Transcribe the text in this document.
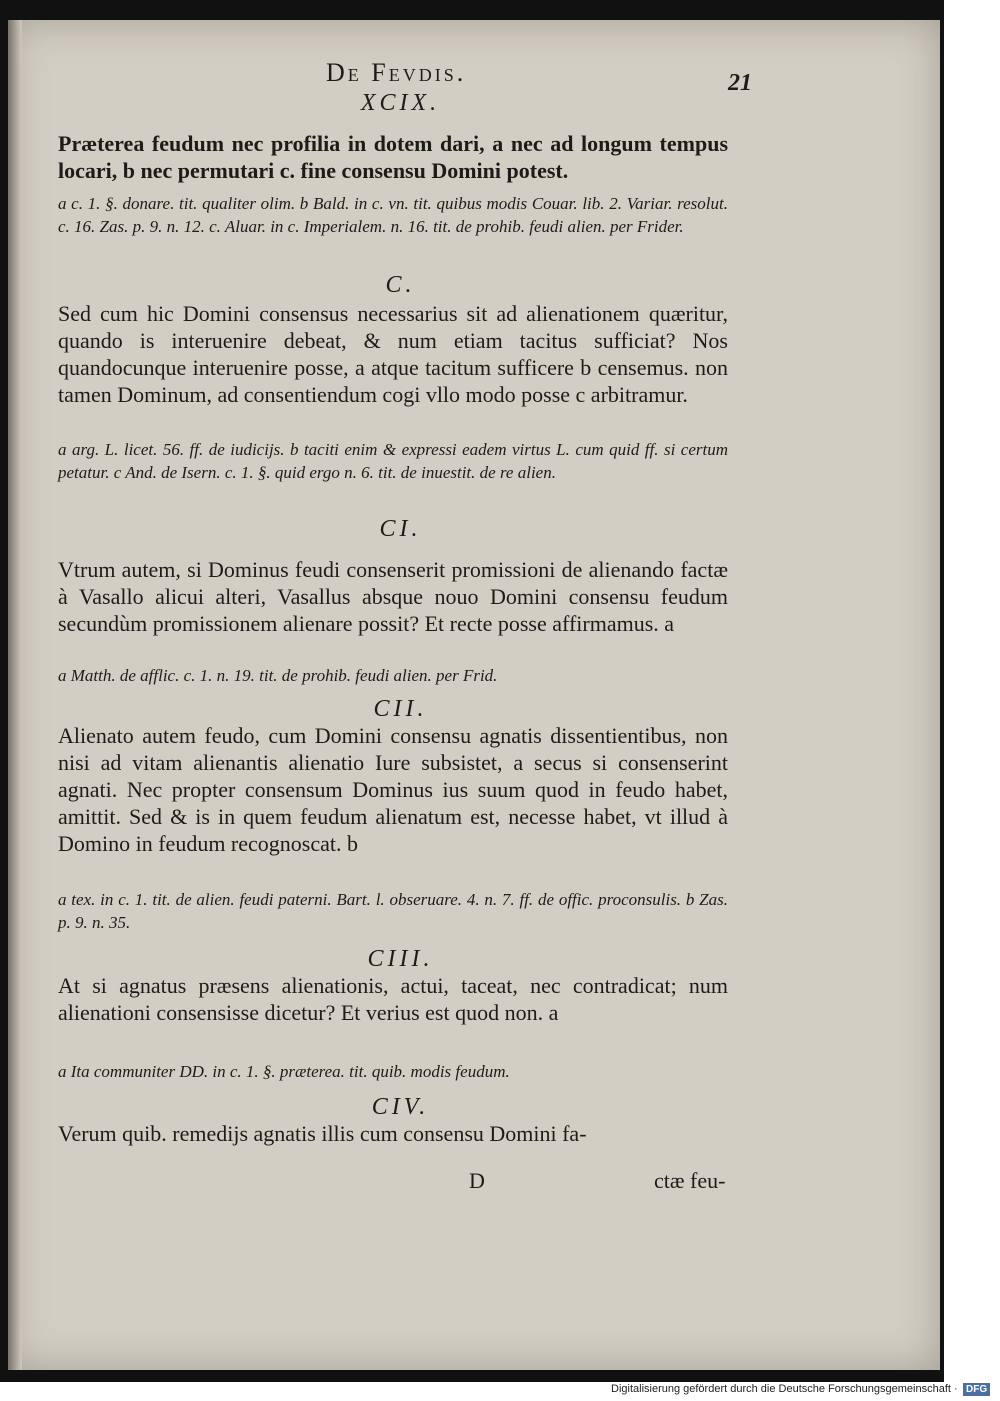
De Fevdis.	21
XCIX.
Præterea feudum nec profilia in dotem dari, a nec ad longum tempus locari, b nec permutari c. fine consensu Domini potest.
a c. 1. §. donare. tit. qualiter olim. b Bald. in c. vn. tit. quibus modis Couar. lib. 2. Variar. resolut. c. 16. Zas. p. 9. n. 12. c. Aluar. in c. Imperialem. n. 16. tit. de prohib. feudi alien. per Frider.
C.
Sed cum hic Domini consensus necessarius sit ad alienationem quæritur, quando is interuenire debeat, & num etiam tacitus sufficiat? Nos quandocunque interuenire posse, a atque tacitum sufficere b censemus. non tamen Dominum, ad consentiendum cogi vllo modo posse c arbitramur.
a arg. L. licet. 56. ff. de iudicijs. b taciti enim & expressi eadem virtus L. cum quid ff. si certum petatur. c And. de Isern. c. 1. §. quid ergo n. 6. tit. de inuestit. de re alien.
CI.
Vtrum autem, si Dominus feudi consenserit promissioni de alienando factæ à Vasallo alicui alteri, Vasallus absque nouo Domini consensu feudum secundùm promissionem alienare possit? Et recte posse affirmamus. a
a Matth. de afflic. c. 1. n. 19. tit. de prohib. feudi alien. per Frid.
CII.
Alienato autem feudo, cum Domini consensu agnatis dissentientibus, non nisi ad vitam alienantis alienatio Iure subsistet, a secus si consenserint agnati. Nec propter consensum Dominus ius suum quod in feudo habet, amittit. Sed & is in quem feudum alienatum est, necesse habet, vt illud à Domino in feudum recognoscat. b
a tex. in c. 1. tit. de alien. feudi paterni. Bart. l. obseruare. 4. n. 7. ff. de offic. proconsulis. b Zas. p. 9. n. 35.
CIII.
At si agnatus præsens alienationis, actui, taceat, nec contradicat; num alienationi consensisse dicetur? Et verius est quod non. a
a Ita communiter DD. in c. 1. §. præterea. tit. quib. modis feudum.
CIV.
Verum quib. remedijs agnatis illis cum consensu Domini fa-
D	ctæ feu-
Digitalisierung gefördert durch die Deutsche Forschungsgemeinschaft · DFG
